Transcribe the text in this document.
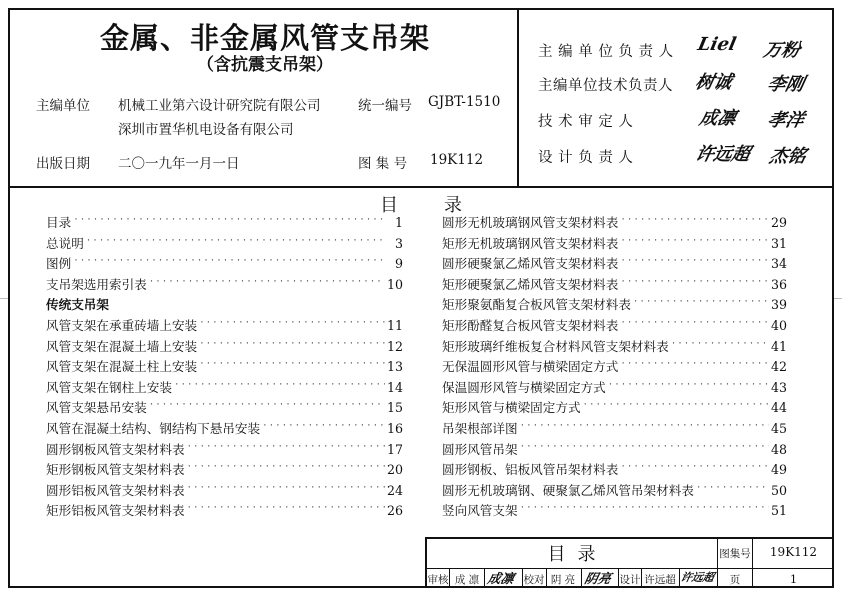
金属、非金属风管支吊架
（含抗震支吊架）
主编单位 机械工业第六设计研究院有限公司
深圳市置华机电设备有限公司
统一编号 GJBT-1510
出版日期 二〇一九年一月一日	图 集 号 19K112
主 编 单 位 负 责 人 Liel 万粉
主编单位技术负责人 树诚 李刚
技 术 审 定 人	成凛 孝洋
设 计 负 责 人	许远超 杰铭
目	录
目录 ˙˙˙˙˙˙˙˙˙˙˙˙˙˙˙˙˙˙˙˙˙˙˙˙˙˙˙˙˙˙˙˙˙˙˙˙˙˙˙˙˙˙˙˙˙˙˙˙˙˙˙˙˙˙˙˙˙˙˙˙˙˙˙˙˙˙˙˙˙˙˙˙˙˙˙˙˙˙˙˙˙˙	1
总说明 ˙˙˙˙˙˙˙˙˙˙˙˙˙˙˙˙˙˙˙˙˙˙˙˙˙˙˙˙˙˙˙˙˙˙˙˙˙˙˙˙˙˙˙˙˙˙˙˙˙˙˙˙˙˙˙˙˙˙˙˙˙˙˙˙˙˙˙˙˙˙˙˙˙˙˙˙˙˙˙˙˙˙	3
图例 ˙˙˙˙˙˙˙˙˙˙˙˙˙˙˙˙˙˙˙˙˙˙˙˙˙˙˙˙˙˙˙˙˙˙˙˙˙˙˙˙˙˙˙˙˙˙˙˙˙˙˙˙˙˙˙˙˙˙˙˙˙˙˙˙˙˙˙˙˙˙˙˙˙˙˙˙˙˙˙˙˙˙	9
支吊架选用索引表 ˙˙˙˙˙˙˙˙˙˙˙˙˙˙˙˙˙˙˙˙˙˙˙˙˙˙˙˙˙˙˙˙˙˙˙˙˙˙˙˙˙˙˙˙˙˙˙˙˙˙˙˙˙˙˙˙˙˙˙˙˙˙˙˙˙˙˙˙˙˙˙˙˙˙˙˙˙˙˙˙˙˙	10
传统支吊架
风管支架在承重砖墙上安装 ˙˙˙˙˙˙˙˙˙˙˙˙˙˙˙˙˙˙˙˙˙˙˙˙˙˙˙˙˙˙˙˙˙˙˙˙˙˙˙˙˙˙˙˙˙˙˙˙˙˙˙˙˙˙˙˙˙˙˙˙˙˙˙˙˙˙˙˙˙˙˙˙˙˙˙˙˙˙˙˙˙˙	11
风管支架在混凝土墙上安装 ˙˙˙˙˙˙˙˙˙˙˙˙˙˙˙˙˙˙˙˙˙˙˙˙˙˙˙˙˙˙˙˙˙˙˙˙˙˙˙˙˙˙˙˙˙˙˙˙˙˙˙˙˙˙˙˙˙˙˙˙˙˙˙˙˙˙˙˙˙˙˙˙˙˙˙˙˙˙˙˙˙˙	12
风管支架在混凝土柱上安装 ˙˙˙˙˙˙˙˙˙˙˙˙˙˙˙˙˙˙˙˙˙˙˙˙˙˙˙˙˙˙˙˙˙˙˙˙˙˙˙˙˙˙˙˙˙˙˙˙˙˙˙˙˙˙˙˙˙˙˙˙˙˙˙˙˙˙˙˙˙˙˙˙˙˙˙˙˙˙˙˙˙˙	13
风管支架在钢柱上安装 ˙˙˙˙˙˙˙˙˙˙˙˙˙˙˙˙˙˙˙˙˙˙˙˙˙˙˙˙˙˙˙˙˙˙˙˙˙˙˙˙˙˙˙˙˙˙˙˙˙˙˙˙˙˙˙˙˙˙˙˙˙˙˙˙˙˙˙˙˙˙˙˙˙˙˙˙˙˙˙˙˙˙	14
风管支架悬吊安装 ˙˙˙˙˙˙˙˙˙˙˙˙˙˙˙˙˙˙˙˙˙˙˙˙˙˙˙˙˙˙˙˙˙˙˙˙˙˙˙˙˙˙˙˙˙˙˙˙˙˙˙˙˙˙˙˙˙˙˙˙˙˙˙˙˙˙˙˙˙˙˙˙˙˙˙˙˙˙˙˙˙˙	15
风管在混凝土结构、钢结构下悬吊安装 ˙˙˙˙˙˙˙˙˙˙˙˙˙˙˙˙˙˙˙˙˙˙˙˙˙˙˙˙˙˙˙˙˙˙˙˙˙˙˙˙˙˙˙˙˙˙˙˙˙˙˙˙˙˙˙˙˙˙˙˙˙˙˙˙˙˙˙˙˙˙˙˙˙˙˙˙˙˙˙˙˙˙	16
圆形钢板风管支架材料表 ˙˙˙˙˙˙˙˙˙˙˙˙˙˙˙˙˙˙˙˙˙˙˙˙˙˙˙˙˙˙˙˙˙˙˙˙˙˙˙˙˙˙˙˙˙˙˙˙˙˙˙˙˙˙˙˙˙˙˙˙˙˙˙˙˙˙˙˙˙˙˙˙˙˙˙˙˙˙˙˙˙˙	17
矩形钢板风管支架材料表 ˙˙˙˙˙˙˙˙˙˙˙˙˙˙˙˙˙˙˙˙˙˙˙˙˙˙˙˙˙˙˙˙˙˙˙˙˙˙˙˙˙˙˙˙˙˙˙˙˙˙˙˙˙˙˙˙˙˙˙˙˙˙˙˙˙˙˙˙˙˙˙˙˙˙˙˙˙˙˙˙˙˙	20
圆形铝板风管支架材料表 ˙˙˙˙˙˙˙˙˙˙˙˙˙˙˙˙˙˙˙˙˙˙˙˙˙˙˙˙˙˙˙˙˙˙˙˙˙˙˙˙˙˙˙˙˙˙˙˙˙˙˙˙˙˙˙˙˙˙˙˙˙˙˙˙˙˙˙˙˙˙˙˙˙˙˙˙˙˙˙˙˙˙	24
矩形铝板风管支架材料表 ˙˙˙˙˙˙˙˙˙˙˙˙˙˙˙˙˙˙˙˙˙˙˙˙˙˙˙˙˙˙˙˙˙˙˙˙˙˙˙˙˙˙˙˙˙˙˙˙˙˙˙˙˙˙˙˙˙˙˙˙˙˙˙˙˙˙˙˙˙˙˙˙˙˙˙˙˙˙˙˙˙˙	26
圆形无机玻璃钢风管支架材料表 ˙˙˙˙˙˙˙˙˙˙˙˙˙˙˙˙˙˙˙˙˙˙˙˙˙˙˙˙˙˙˙˙˙˙˙˙˙˙˙˙˙˙˙˙˙˙˙˙˙˙˙˙˙˙˙˙˙˙˙˙˙˙˙˙˙˙˙˙˙˙˙˙˙˙˙˙˙˙˙˙˙˙	29
矩形无机玻璃钢风管支架材料表 ˙˙˙˙˙˙˙˙˙˙˙˙˙˙˙˙˙˙˙˙˙˙˙˙˙˙˙˙˙˙˙˙˙˙˙˙˙˙˙˙˙˙˙˙˙˙˙˙˙˙˙˙˙˙˙˙˙˙˙˙˙˙˙˙˙˙˙˙˙˙˙˙˙˙˙˙˙˙˙˙˙˙	31
圆形硬聚氯乙烯风管支架材料表 ˙˙˙˙˙˙˙˙˙˙˙˙˙˙˙˙˙˙˙˙˙˙˙˙˙˙˙˙˙˙˙˙˙˙˙˙˙˙˙˙˙˙˙˙˙˙˙˙˙˙˙˙˙˙˙˙˙˙˙˙˙˙˙˙˙˙˙˙˙˙˙˙˙˙˙˙˙˙˙˙˙˙	34
矩形硬聚氯乙烯风管支架材料表 ˙˙˙˙˙˙˙˙˙˙˙˙˙˙˙˙˙˙˙˙˙˙˙˙˙˙˙˙˙˙˙˙˙˙˙˙˙˙˙˙˙˙˙˙˙˙˙˙˙˙˙˙˙˙˙˙˙˙˙˙˙˙˙˙˙˙˙˙˙˙˙˙˙˙˙˙˙˙˙˙˙˙	36
矩形聚氨酯复合板风管支架材料表 ˙˙˙˙˙˙˙˙˙˙˙˙˙˙˙˙˙˙˙˙˙˙˙˙˙˙˙˙˙˙˙˙˙˙˙˙˙˙˙˙˙˙˙˙˙˙˙˙˙˙˙˙˙˙˙˙˙˙˙˙˙˙˙˙˙˙˙˙˙˙˙˙˙˙˙˙˙˙˙˙˙˙	39
矩形酚醛复合板风管支架材料表 ˙˙˙˙˙˙˙˙˙˙˙˙˙˙˙˙˙˙˙˙˙˙˙˙˙˙˙˙˙˙˙˙˙˙˙˙˙˙˙˙˙˙˙˙˙˙˙˙˙˙˙˙˙˙˙˙˙˙˙˙˙˙˙˙˙˙˙˙˙˙˙˙˙˙˙˙˙˙˙˙˙˙	40
矩形玻璃纤维板复合材料风管支架材料表 ˙˙˙˙˙˙˙˙˙˙˙˙˙˙˙˙˙˙˙˙˙˙˙˙˙˙˙˙˙˙˙˙˙˙˙˙˙˙˙˙˙˙˙˙˙˙˙˙˙˙˙˙˙˙˙˙˙˙˙˙˙˙˙˙˙˙˙˙˙˙˙˙˙˙˙˙˙˙˙˙˙˙	41
无保温圆形风管与横梁固定方式 ˙˙˙˙˙˙˙˙˙˙˙˙˙˙˙˙˙˙˙˙˙˙˙˙˙˙˙˙˙˙˙˙˙˙˙˙˙˙˙˙˙˙˙˙˙˙˙˙˙˙˙˙˙˙˙˙˙˙˙˙˙˙˙˙˙˙˙˙˙˙˙˙˙˙˙˙˙˙˙˙˙˙	42
保温圆形风管与横梁固定方式 ˙˙˙˙˙˙˙˙˙˙˙˙˙˙˙˙˙˙˙˙˙˙˙˙˙˙˙˙˙˙˙˙˙˙˙˙˙˙˙˙˙˙˙˙˙˙˙˙˙˙˙˙˙˙˙˙˙˙˙˙˙˙˙˙˙˙˙˙˙˙˙˙˙˙˙˙˙˙˙˙˙˙	43
矩形风管与横梁固定方式 ˙˙˙˙˙˙˙˙˙˙˙˙˙˙˙˙˙˙˙˙˙˙˙˙˙˙˙˙˙˙˙˙˙˙˙˙˙˙˙˙˙˙˙˙˙˙˙˙˙˙˙˙˙˙˙˙˙˙˙˙˙˙˙˙˙˙˙˙˙˙˙˙˙˙˙˙˙˙˙˙˙˙	44
吊架根部详图 ˙˙˙˙˙˙˙˙˙˙˙˙˙˙˙˙˙˙˙˙˙˙˙˙˙˙˙˙˙˙˙˙˙˙˙˙˙˙˙˙˙˙˙˙˙˙˙˙˙˙˙˙˙˙˙˙˙˙˙˙˙˙˙˙˙˙˙˙˙˙˙˙˙˙˙˙˙˙˙˙˙˙	45
圆形风管吊架 ˙˙˙˙˙˙˙˙˙˙˙˙˙˙˙˙˙˙˙˙˙˙˙˙˙˙˙˙˙˙˙˙˙˙˙˙˙˙˙˙˙˙˙˙˙˙˙˙˙˙˙˙˙˙˙˙˙˙˙˙˙˙˙˙˙˙˙˙˙˙˙˙˙˙˙˙˙˙˙˙˙˙	48
圆形钢板、铝板风管吊架材料表 ˙˙˙˙˙˙˙˙˙˙˙˙˙˙˙˙˙˙˙˙˙˙˙˙˙˙˙˙˙˙˙˙˙˙˙˙˙˙˙˙˙˙˙˙˙˙˙˙˙˙˙˙˙˙˙˙˙˙˙˙˙˙˙˙˙˙˙˙˙˙˙˙˙˙˙˙˙˙˙˙˙˙	49
圆形无机玻璃钢、硬聚氯乙烯风管吊架材料表 ˙˙˙˙˙˙˙˙˙˙˙˙˙˙˙˙˙˙˙˙˙˙˙˙˙˙˙˙˙˙˙˙˙˙˙˙˙˙˙˙˙˙˙˙˙˙˙˙˙˙˙˙˙˙˙˙˙˙˙˙˙˙˙˙˙˙˙˙˙˙˙˙˙˙˙˙˙˙˙˙˙˙	50
竖向风管支架 ˙˙˙˙˙˙˙˙˙˙˙˙˙˙˙˙˙˙˙˙˙˙˙˙˙˙˙˙˙˙˙˙˙˙˙˙˙˙˙˙˙˙˙˙˙˙˙˙˙˙˙˙˙˙˙˙˙˙˙˙˙˙˙˙˙˙˙˙˙˙˙˙˙˙˙˙˙˙˙˙˙˙	51
目 录	图集号	19K112
审核 成 凛 成凛 校对 阴 亮 阴亮 设计 许远超 许远超	页	1
